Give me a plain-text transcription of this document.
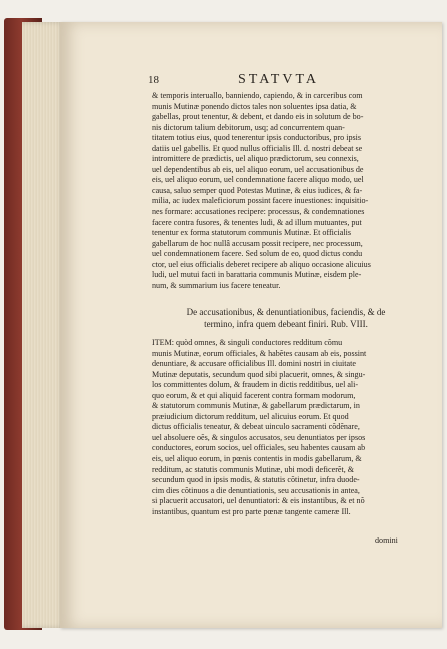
18	STATVTA
& temporis interuallo, banniendo, capiendo, & in carceribus com
munis Mutinæ ponendo dictos tales non soluentes ipsa datia, &
gabellas, prout tenentur, & debent, et dando eis in solutum de bo-
nis dictorum talium debitorum, usq; ad concurrentem quan-
titatem totius eius, quod tenerentur ipsis conductoribus, pro ipsis
datiis uel gabellis. Et quod nullus officialis Ill. d. nostri debeat se
intromittere de prædictis, uel aliquo prædictorum, seu connexis,
uel dependentibus ab eis, uel aliquo eorum, uel accusationibus de
eis, uel aliquo eorum, uel condemnatione facere aliquo modo, uel
causa, saluo semper quod Potestas Mutinæ, & eius iudices, & fa-
milia, ac iudex maleficiorum possint facere inuestiones: inquisitio-
nes formare: accusationes recipere: processus, & condemnationes
facere contra fusores, & tenentes ludi, & ad illum mutuantes, put
tenentur ex forma statutorum communis Mutinæ. Et officialis
gabellarum de hoc nullâ accusam possit recipere, nec processum,
uel condemnationem facere. Sed solum de eo, quod dictus condu
ctor, uel eius officialis deberet recipere ab aliquo occasione alicuius
ludi, uel mutui facti in barattaria communis Mutinæ, eisdem ple-
num, & summarium ius facere teneatur.
De accusationibus, & denuntiationibus, faciendis, & de
termino, infra quem debeant finiri. Rub. VIII.
ITEM: quòd omnes, & singuli conductores redditum cõmu
munis Mutinæ, eorum officiales, & habẽtes causam ab eis, possint
denuntiare, & accusare officialibus Ill. domini nostri in ciuitate
Mutinæ deputatis, secundum quod sibi placuerit, omnes, & singu-
los committentes dolum, & fraudem in dictis redditibus, uel ali-
quo eorum, & et qui aliquid facerent contra formam modorum,
& statutorum communis Mutinæ, & gabellarum prædictarum, in
præiudicium dictorum redditum, uel alicuius eorum. Et quod
dictus officialis teneatur, & debeat uinculo sacramenti cõdẽnare,
uel absoluere oẽs, & singulos accusatos, seu denuntiatos per ipsos
conductores, eorum socios, uel officiales, seu habentes causam ab
eis, uel aliquo eorum, in pœnis contentis in modis gabellarum, &
redditum, ac statutis communis Mutinæ, ubi modi deficerẽt, &
secundum quod in ipsis modis, & statutis cõtinetur, infra duode-
cim dies cõtinuos a die denuntiationis, seu accusationis in antea,
si placuerit accusatori, uel denuntiatori: & eis instantibus, & et nõ
instantibus, quantum est pro parte pœnæ tangente cameræ Ill.
domini
